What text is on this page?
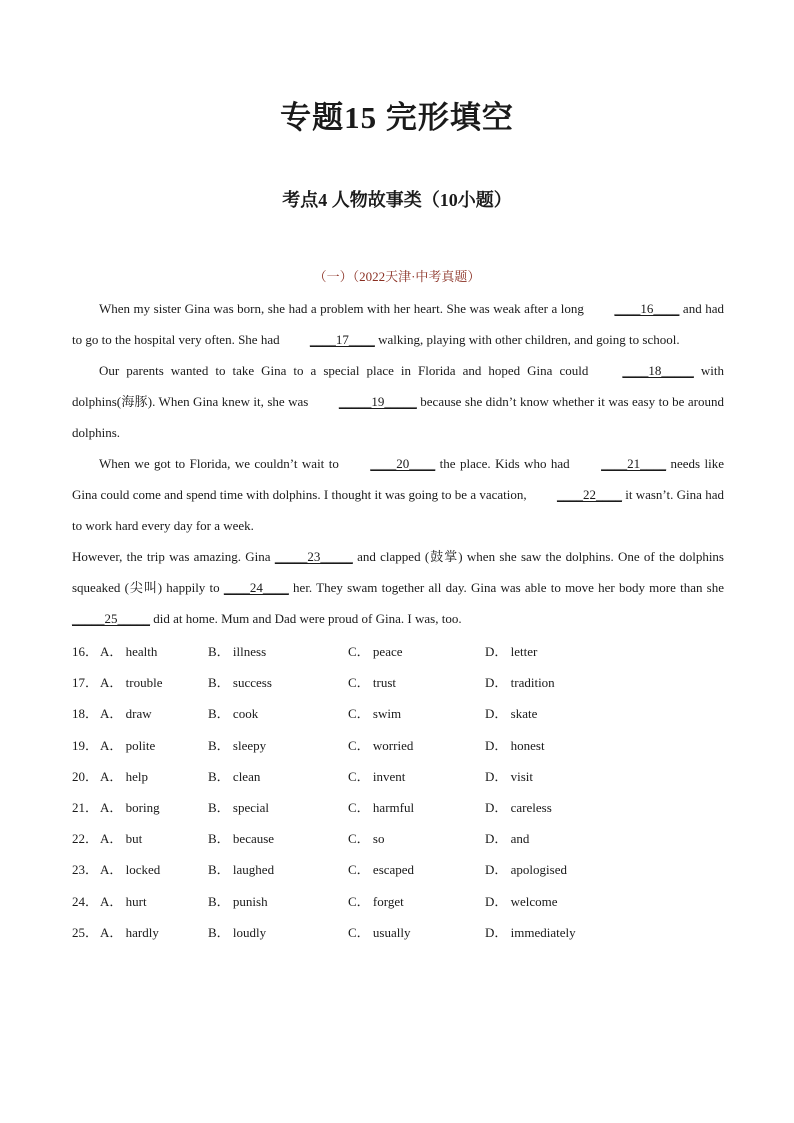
专题15 完形填空
考点4 人物故事类（10小题）
（一）（2022天津·中考真题）

When my sister Gina was born, she had a problem with her heart. She was weak after a long ____16____ and had to go to the hospital very often. She had ____17____ walking, playing with other children, and going to school.

Our parents wanted to take Gina to a special place in Florida and hoped Gina could ____18_____ with dolphins(海豚). When Gina knew it, she was _____19_____ because she didn’t know whether it was easy to be around dolphins.

When we got to Florida, we couldn’t wait to ____20____ the place. Kids who had ____21____ needs like Gina could come and spend time with dolphins. I thought it was going to be a vacation, ____22____ it wasn’t. Gina had to work hard every day for a week.

However, the trip was amazing. Gina _____23_____ and clapped (鼓掌) when she saw the dolphins. One of the dolphins squeaked (尖叫) happily to ____24____ her. They swam together all day. Gina was able to move her body more than she _____25_____ did at home. Mum and Dad were proud of Gina. I was, too.

16． A． health	B． illness	C． peace	D． letter
17． A． trouble	B． success	C． trust	D． tradition
18． A． draw	B． cook	C． swim	D． skate
19． A． polite	B． sleepy	C． worried	D． honest
20． A． help	B． clean	C． invent	D． visit
21． A． boring	B． special	C． harmful	D． careless
22． A． but	B． because	C． so	D． and
23． A． locked	B． laughed	C． escaped	D． apologised
24． A． hurt	B． punish	C． forget	D． welcome
25． A． hardly	B． loudly	C． usually	D． immediately
